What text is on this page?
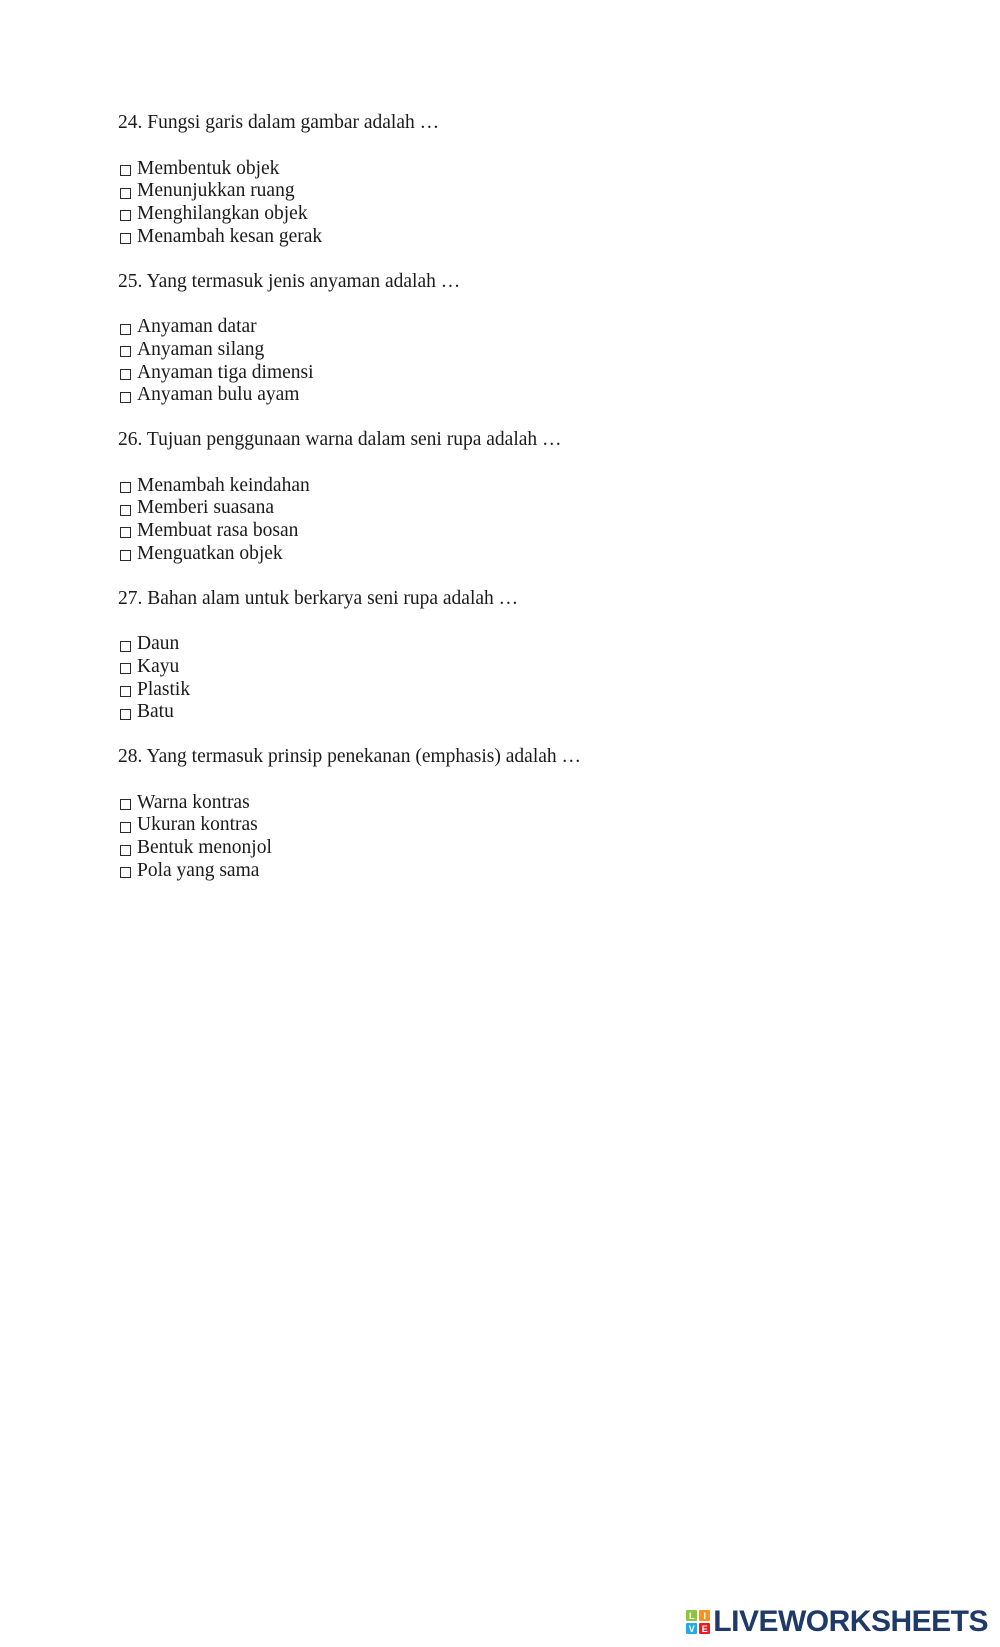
24. Fungsi garis dalam gambar adalah …
Membentuk objek
Menunjukkan ruang
Menghilangkan objek
Menambah kesan gerak
25. Yang termasuk jenis anyaman adalah …
Anyaman datar
Anyaman silang
Anyaman tiga dimensi
Anyaman bulu ayam
26. Tujuan penggunaan warna dalam seni rupa adalah …
Menambah keindahan
Memberi suasana
Membuat rasa bosan
Menguatkan objek
27. Bahan alam untuk berkarya seni rupa adalah …
Daun
Kayu
Plastik
Batu
28. Yang termasuk prinsip penekanan (emphasis) adalah …
Warna kontras
Ukuran kontras
Bentuk menonjol
Pola yang sama
L I
V E LIVEWORKSHEETS
